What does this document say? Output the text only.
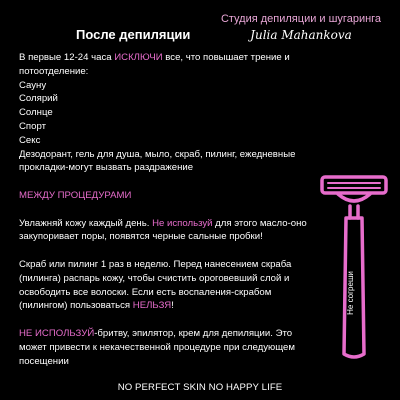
После депиляции
Студия депиляции и шугаринга
Julia Mahankova

В первые 12-24 часа ИСКЛЮЧИ все, что повышает трение и потоотделение:

Сауну

Солярий

Солнце

Спорт

Секс

Дезодорант, гель для душа, мыло, скраб, пилинг, ежедневные прокладки-могут вызвать раздражение

МЕЖДУ ПРОЦЕДУРАМИ

Увлажняй кожу каждый день. Не используй для этого масло-оно закупоривает поры, появятся черные сальные пробки!

Скраб или пилинг 1 раз в неделю. Перед нанесением скраба (пилинга) распарь кожу, чтобы счистить ороговевший слой и освободить все волоски. Если есть воспаления-скрабом (пилингом) пользоваться НЕЛЬЗЯ!

НЕ ИСПОЛЬЗУЙ-бритву, эпилятор, крем для депиляции. Это может привести к некачественной процедуре при следующем посещении

Не согреши
NO PERFECT SKIN NO HAPPY LIFE
